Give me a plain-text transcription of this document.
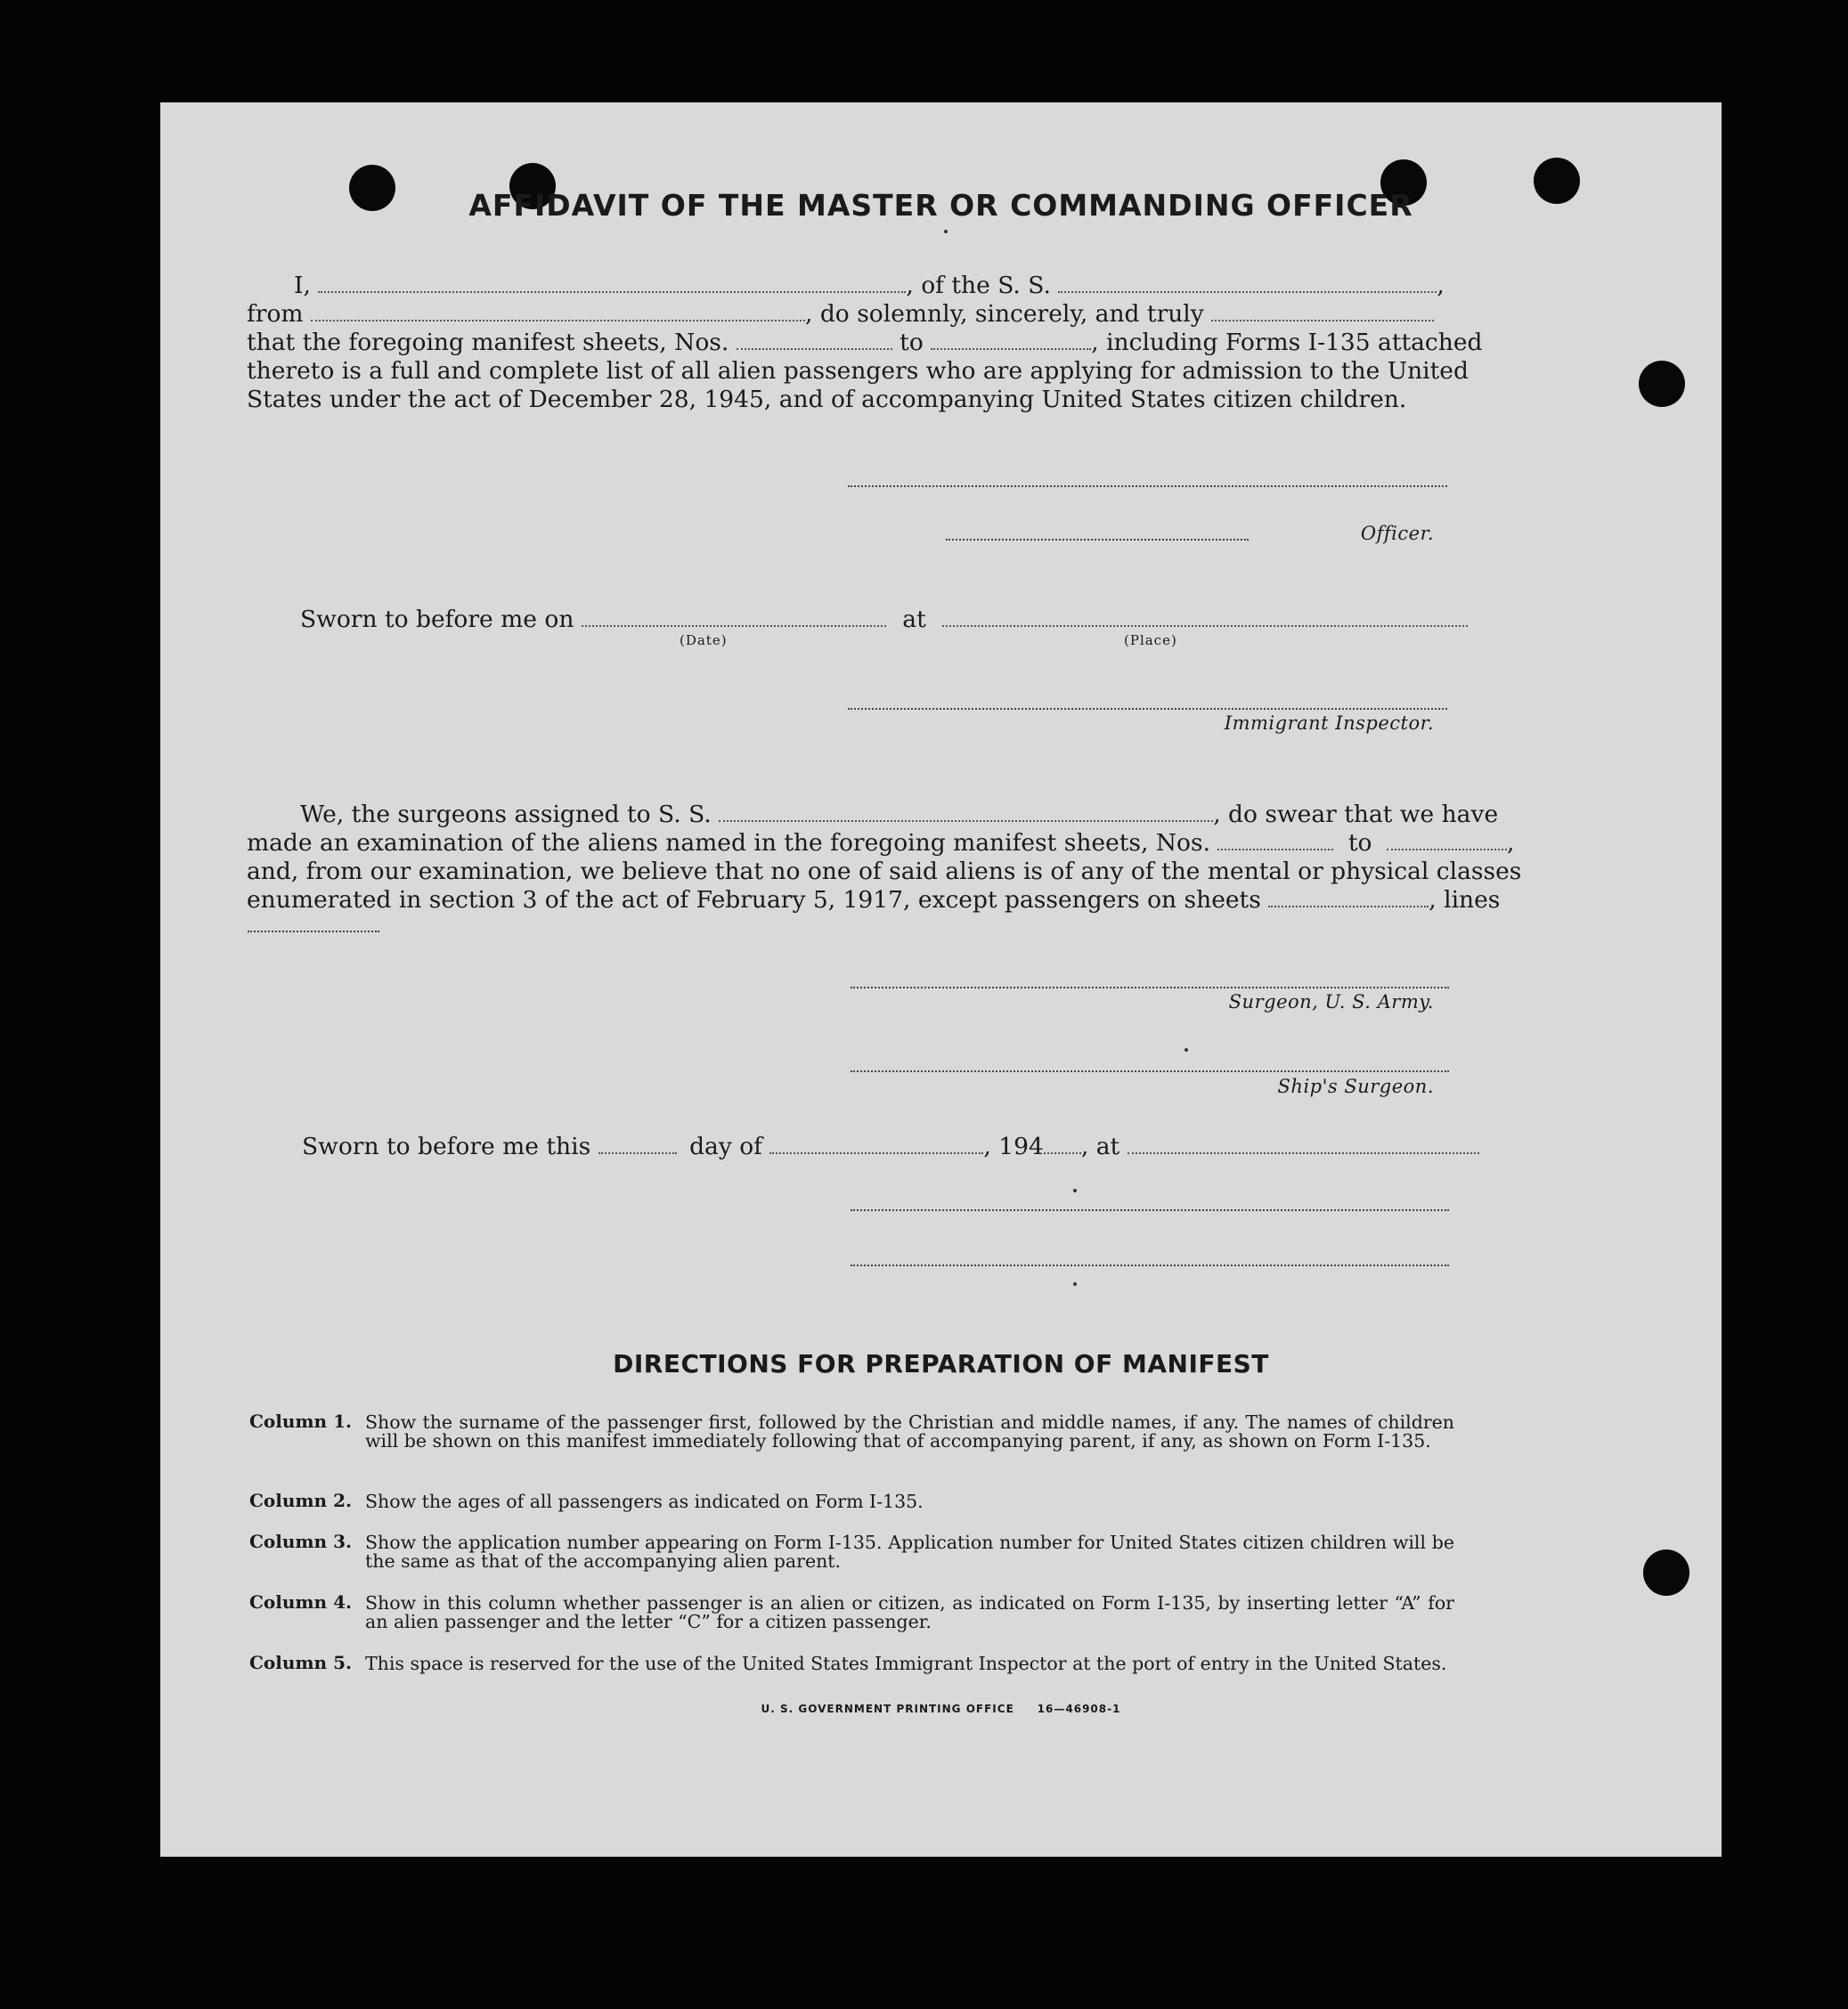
AFFIDAVIT OF THE MASTER OR COMMANDING OFFICER
I,	, of the S. S.	,
from	, do solemnly, sincerely, and truly
that the foregoing manifest sheets, Nos.	to	, including Forms I-135 attached
thereto is a full and complete list of all alien passengers who are applying for admission to the United
States under the act of December 28, 1945, and of accompanying United States citizen children.
Officer.
Sworn to before me on	at
(Date)	(Place)
Immigrant Inspector.
We, the surgeons assigned to S. S.	, do swear that we have
made an examination of the aliens named in the foregoing manifest sheets, Nos.	to	,
and, from our examination, we believe that no one of said aliens is of any of the mental or physical classes
enumerated in section 3 of the act of February 5, 1917, except passengers on sheets	, lines
Surgeon, U. S. Army.
Ship's Surgeon.
Sworn to before me this	day of	, 194 , at
DIRECTIONS FOR PREPARATION OF MANIFEST
Column 1. Show the surname of the passenger first, followed by the Christian and middle names, if any. The names of children will be shown on this manifest immediately following that of accompanying parent, if any, as shown on Form I-135.
Column 2. Show the ages of all passengers as indicated on Form I-135.
Column 3. Show the application number appearing on Form I-135. Application number for United States citizen children will be the same as that of the accompanying alien parent.
Column 4. Show in this column whether passenger is an alien or citizen, as indicated on Form I-135, by inserting letter “A” for an alien passenger and the letter “C” for a citizen passenger.
Column 5. This space is reserved for the use of the United States Immigrant Inspector at the port of entry in the United States.
U. S. GOVERNMENT PRINTING OFFICE     16—46908-1
